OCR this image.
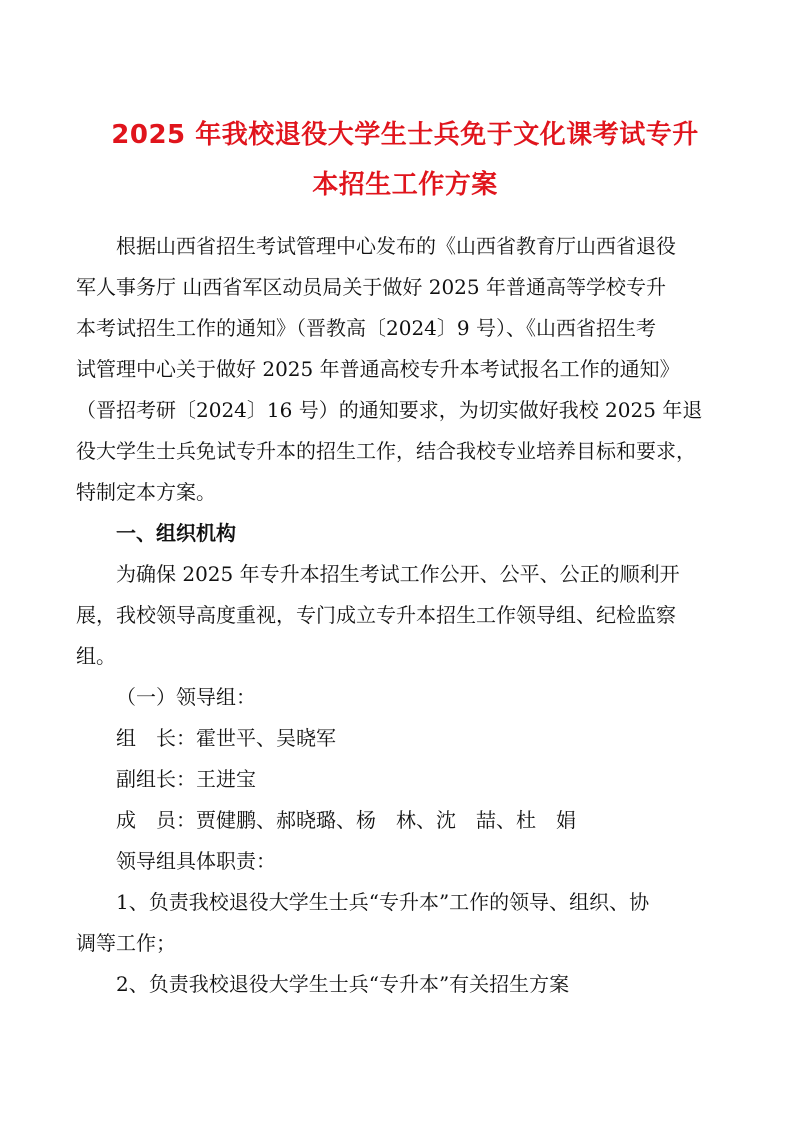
2025 年我校退役大学生士兵免于文化课考试专升
本招生工作方案
根据山西省招生考试管理中心发布的《山西省教育厅山西省退役
军人事务厅 山西省军区动员局关于做好 2025 年普通高等学校专升
本考试招生工作的通知》（晋教高〔2024〕9 号）、《山西省招生考
试管理中心关于做好 2025 年普通高校专升本考试报名工作的通知》
（晋招考研〔2024〕16 号）的通知要求，为切实做好我校 2025 年退
役大学生士兵免试专升本的招生工作，结合我校专业培养目标和要求，
特制定本方案。

一、组织机构

为确保 2025 年专升本招生考试工作公开、公平、公正的顺利开
展，我校领导高度重视，专门成立专升本招生工作领导组、纪检监察
组。

（一）领导组：

组　长：霍世平、吴晓军

副组长：王进宝

成　员：贾健鹏、郝晓璐、杨　林、沈　喆、杜　娟

领导组具体职责：

1、负责我校退役大学生士兵“专升本”工作的领导、组织、协
调等工作；

2、负责我校退役大学生士兵“专升本”有关招生方案
